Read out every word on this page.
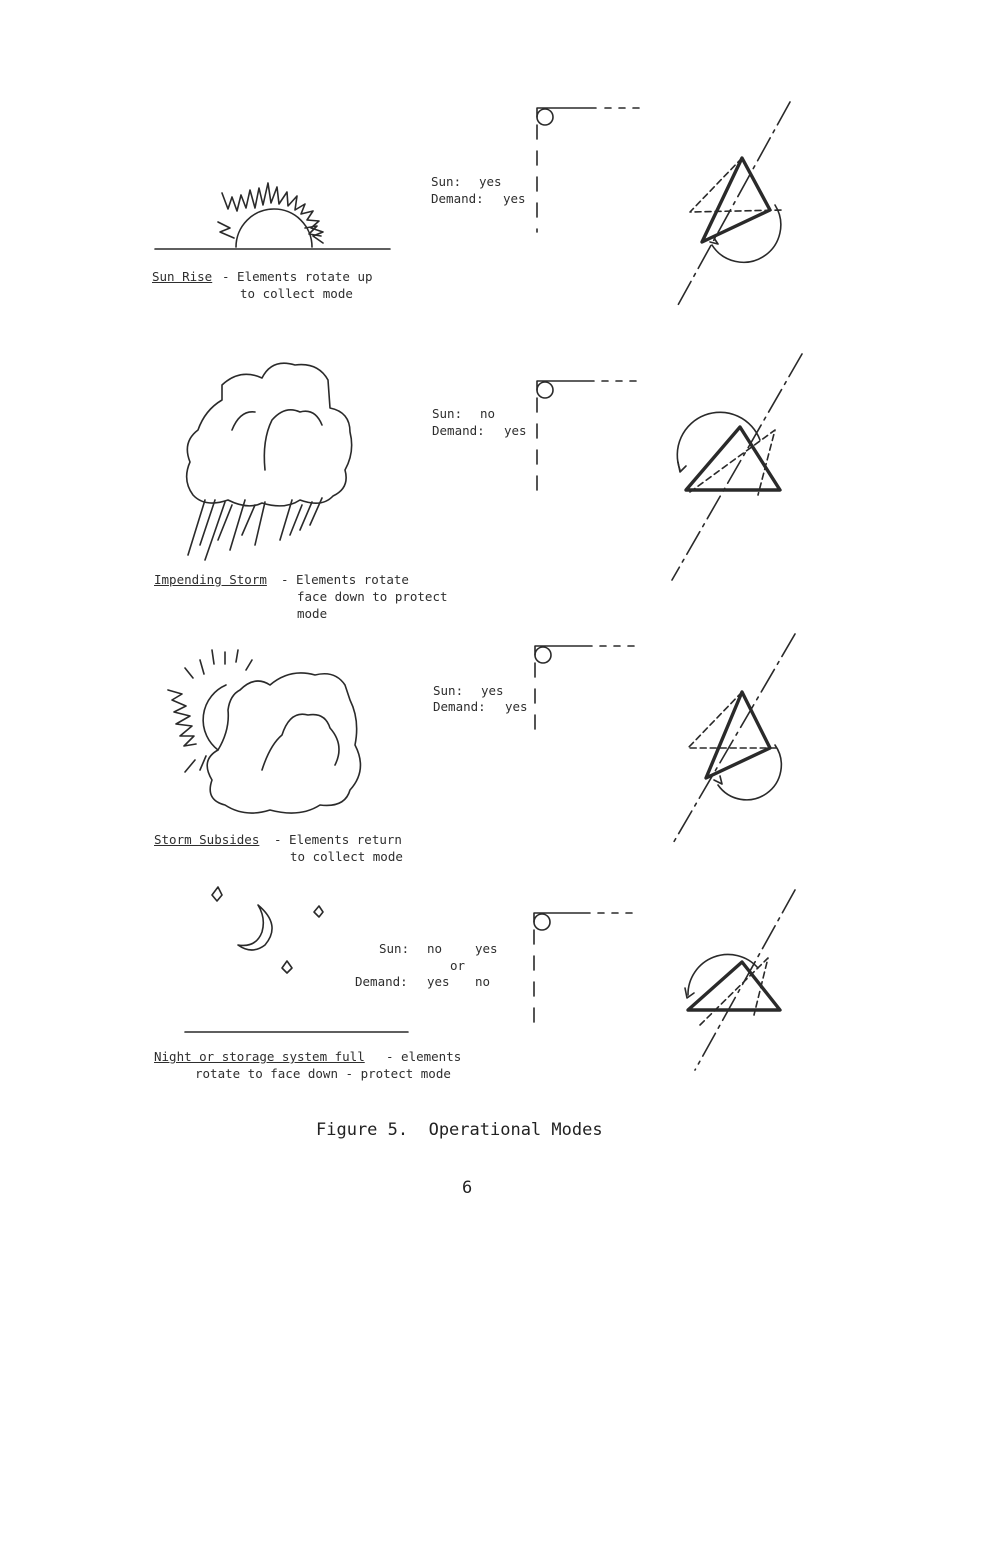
Sun Rise - Elements rotate up
to collect mode
Sun: yes
Demand: yes
Impending Storm - Elements rotate
face down to protect
mode
Sun: no
Demand: yes
Storm Subsides - Elements return
to collect mode
Sun: yes
Demand: yes
Night or storage system full - elements
rotate to face down - protect mode
Sun: no	yes
or
Demand: yes no
Figure 5.  Operational Modes
6
